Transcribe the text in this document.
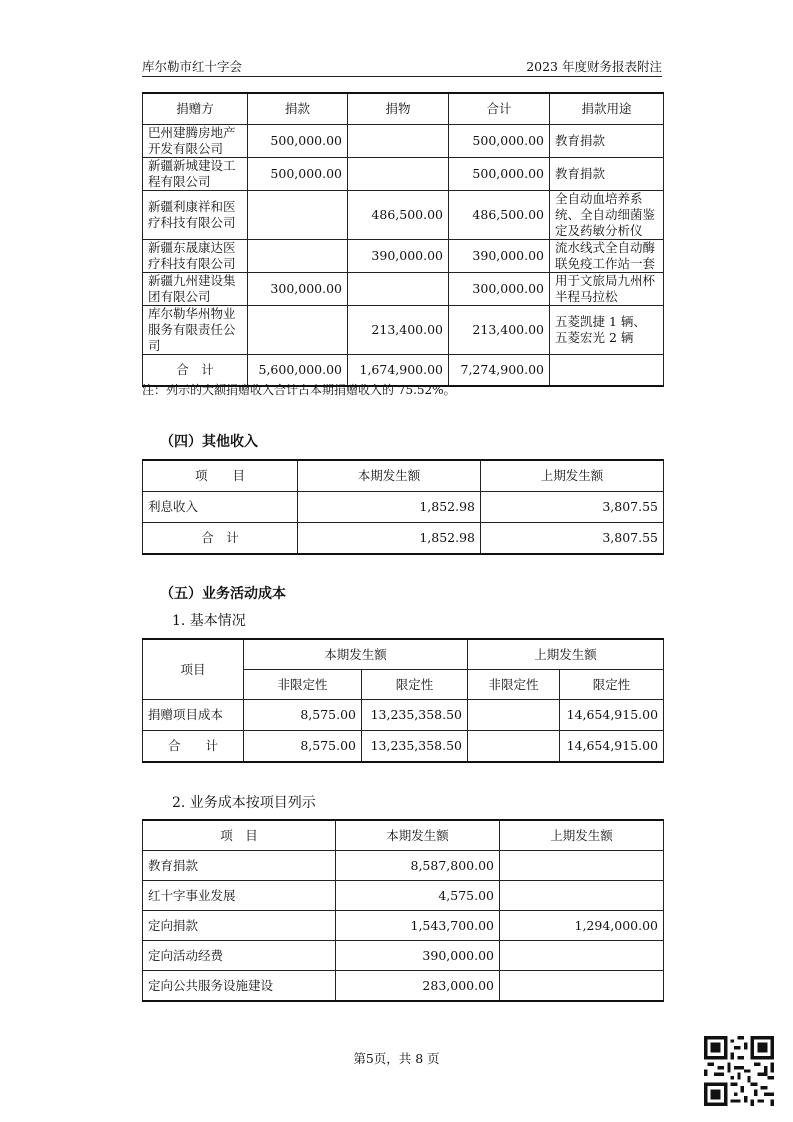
库尔勒市红十字会	2023 年度财务报表附注
捐赠方	捐款	捐物	合计	捐款用途
巴州建腾房地产开发有限公司	500,000.00		500,000.00	教育捐款
新疆新城建设工程有限公司	500,000.00		500,000.00	教育捐款
新疆利康祥和医疗科技有限公司		486,500.00	486,500.00	全自动血培养系统、全自动细菌鉴定及药敏分析仪
新疆东晟康达医疗科技有限公司		390,000.00	390,000.00	流水线式全自动酶联免疫工作站一套
新疆九州建设集团有限公司	300,000.00		300,000.00	用于文旅局九州杯半程马拉松
库尔勒华州物业服务有限责任公司		213,400.00	213,400.00	五菱凯捷 1 辆、五菱宏光 2 辆
合　计	5,600,000.00	1,674,900.00	7,274,900.00	
注：列示的大额捐赠收入合计占本期捐赠收入的 75.52%。
（四）其他收入
项　　目	本期发生额	上期发生额
利息收入	1,852.98	3,807.55
合　计	1,852.98	3,807.55
（五）业务活动成本
1. 基本情况
项目	本期发生额		上期发生额	
	非限定性	限定性	非限定性	限定性
捐赠项目成本	8,575.00	13,235,358.50		14,654,915.00
合　　计	8,575.00	13,235,358.50		14,654,915.00
2. 业务成本按项目列示
项　目	本期发生额	上期发生额
教育捐款	8,587,800.00	
红十字事业发展	4,575.00	
定向捐款	1,543,700.00	1,294,000.00
定向活动经费	390,000.00	
定向公共服务设施建设	283,000.00	
第5页，共 8 页
